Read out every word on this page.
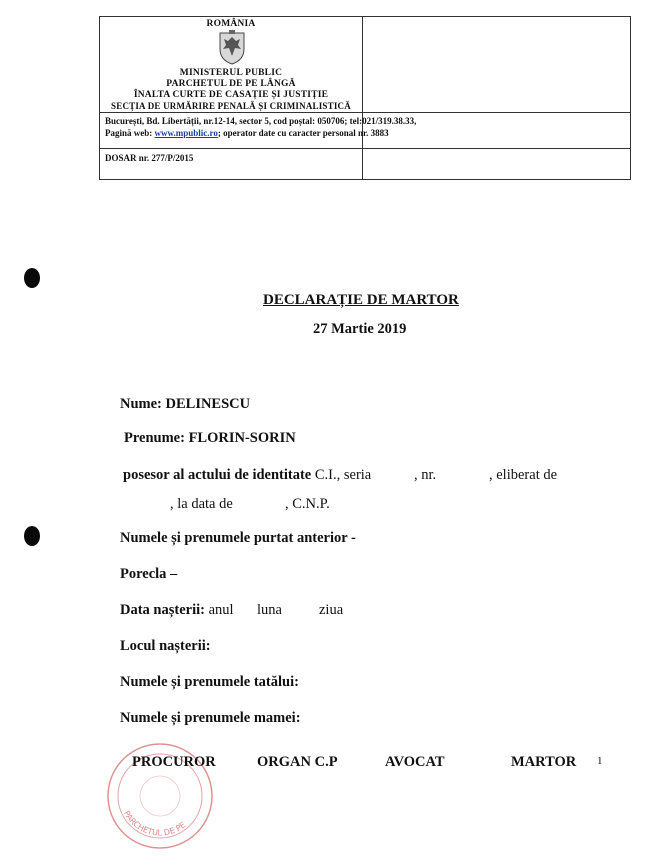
ROMÂNIA
MINISTERUL PUBLIC
PARCHETUL DE PE LÂNGĂ
ÎNALTA CURTE DE CASAȚIE ȘI JUSTIȚIE
SECȚIA DE URMĂRIRE PENALĂ ȘI CRIMINALISTICĂ
București, Bd. Libertății, nr.12-14, sector 5, cod poștal: 050706; tel:021/319.38.33,
Pagină web: www.mpublic.ro; operator date cu caracter personal nr. 3883
DOSAR nr. 277/P/2015
DECLARAȚIE DE MARTOR
27 Martie 2019
Nume: DELINESCU
Prenume: FLORIN-SORIN
posesor al actului de identitate C.I., seria	, nr.	, eliberat de
, la data de	, C.N.P.
Numele și prenumele purtat anterior -
Porecla –
Data nașterii: anul luna	ziua
Locul nașterii:
Numele și prenumele tatălui:
Numele și prenumele mamei:
PARCHETUL DE PE
PROCUROR	ORGAN C.P	AVOCAT	MARTOR 1
